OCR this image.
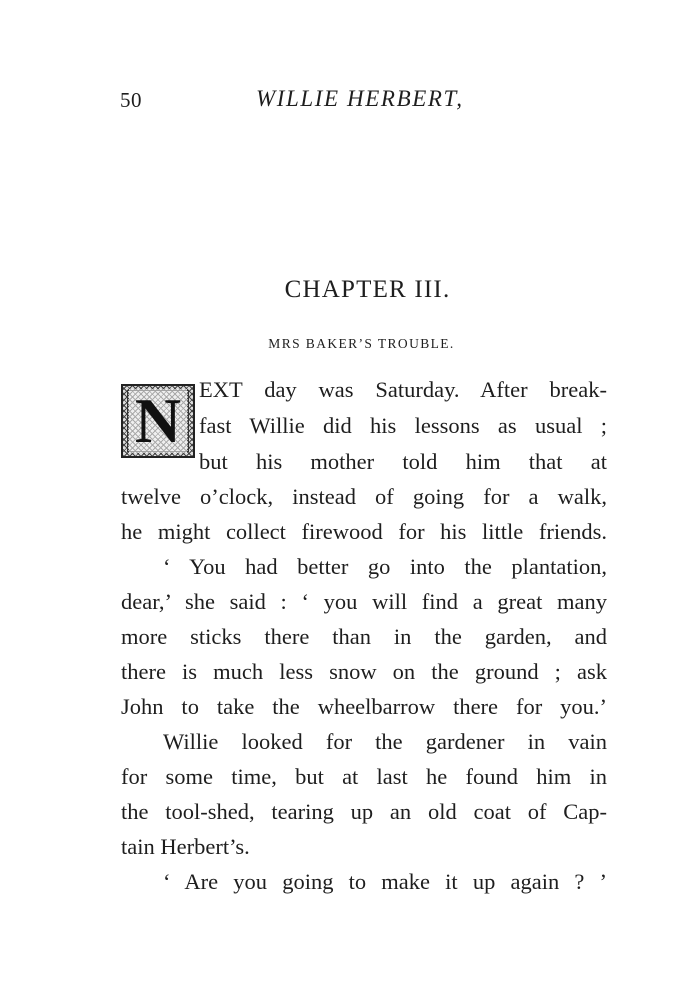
50	WILLIE HERBERT,
CHAPTER III.
MRS BAKER’S TROUBLE.
N EXT day was Saturday. After break-
fast Willie did his lessons as usual ;
but his mother told him that at
twelve o’clock, instead of going for a walk,
he might collect firewood for his little friends.
‘ You had better go into the plantation,
dear,’ she said : ‘ you will find a great many
more sticks there than in the garden, and
there is much less snow on the ground ; ask
John to take the wheelbarrow there for you.’
Willie looked for the gardener in vain
for some time, but at last he found him in
the tool-shed, tearing up an old coat of Cap-
tain Herbert’s.
‘ Are you going to make it up again ? ’
